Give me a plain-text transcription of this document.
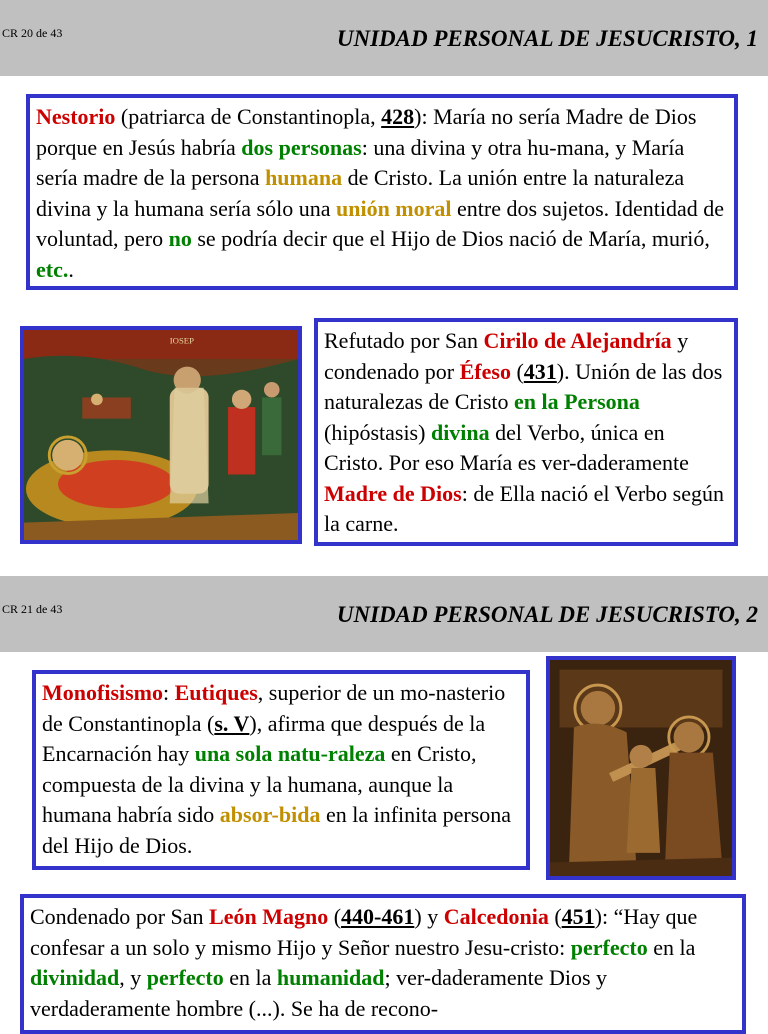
CR 20 de 43	UNIDAD PERSONAL DE JESUCRISTO, 1
Nestorio (patriarca de Constantinopla, 428): María no sería Madre de Dios porque en Jesús habría dos personas: una divina y otra hu-mana, y María sería madre de la persona humana de Cristo. La unión entre la naturaleza divina y la humana sería sólo una unión moral entre dos sujetos. Identidad de voluntad, pero no se podría decir que el Hijo de Dios nació de María, murió, etc..
IOSEP	Refutado por San Cirilo de Alejandría y condenado por Éfeso (431). Unión de las dos naturalezas de Cristo en la Persona (hipóstasis) divina del Verbo, única en Cristo. Por eso María es ver-daderamente Madre de Dios: de Ella nació el Verbo según la carne.
CR 21 de 43	UNIDAD PERSONAL DE JESUCRISTO, 2
Monofisismo: Eutiques, superior de un mo-nasterio de Constantinopla (s. V), afirma que después de la Encarnación hay una sola natu-raleza en Cristo, compuesta de la divina y la humana, aunque la humana habría sido absor-bida en la infinita persona del Hijo de Dios.
Condenado por San León Magno (440-461) y Calcedonia (451): “Hay que confesar a un solo y mismo Hijo y Señor nuestro Jesu-cristo: perfecto en la divinidad, y perfecto en la humanidad; ver-daderamente Dios y verdaderamente hombre (...). Se ha de recono-
